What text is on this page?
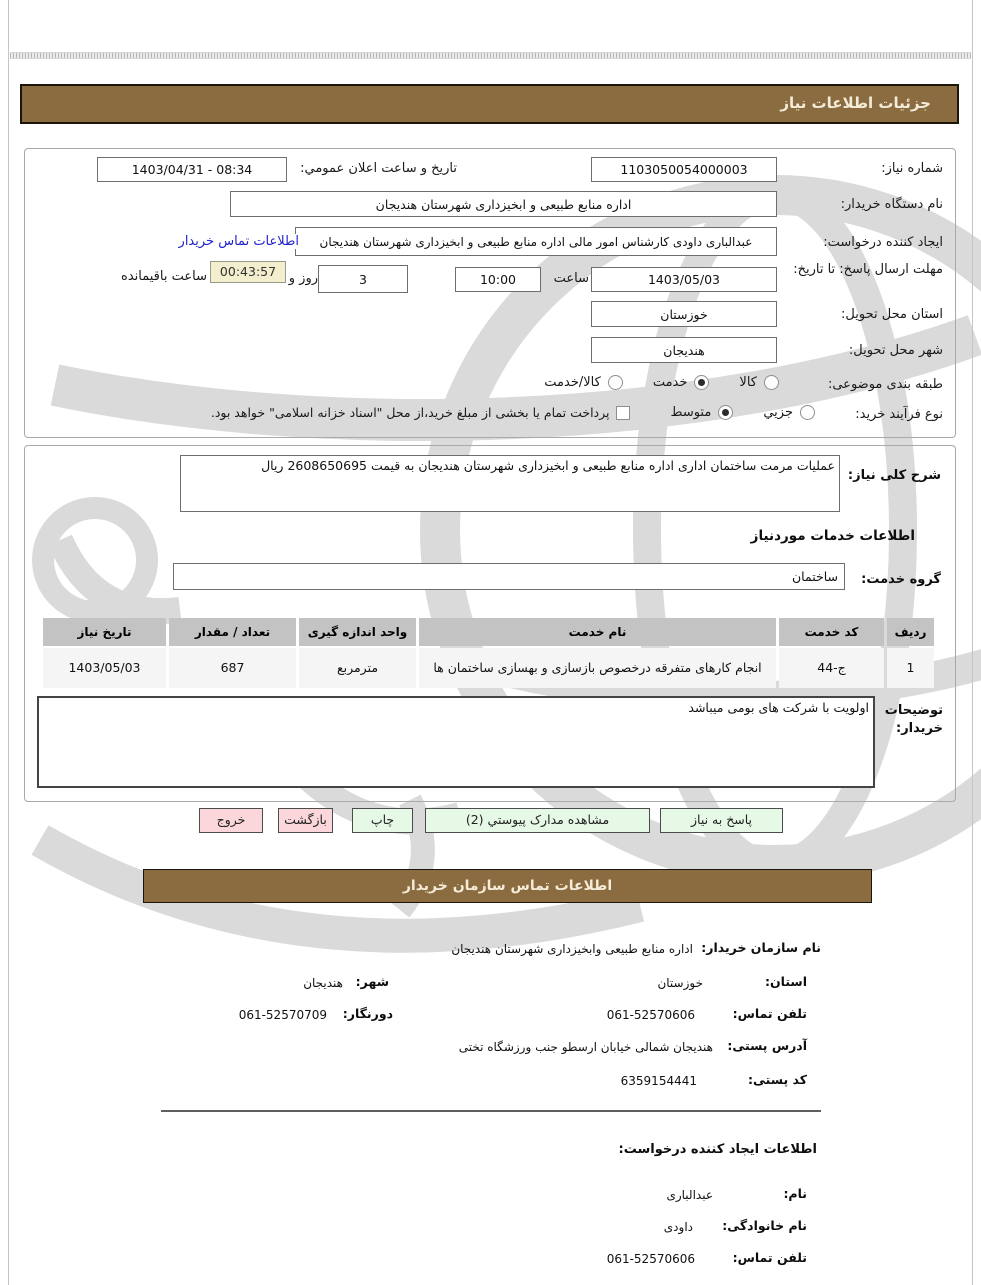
جزئیات اطلاعات نیاز
شماره نیاز:
1103050054000003
تاریخ و ساعت اعلان عمومي:
1403/04/31 - 08:34
نام دستگاه خریدار:
اداره منابع طبیعی و ابخیزداری شهرستان هندیجان
ایجاد کننده درخواست:
عبدالباری داودی کارشناس امور مالی اداره منابع طبیعی و ابخیزداری شهرستان هندیجان
اطلاعات تماس خریدار
مهلت ارسال پاسخ: تا تاریخ:
1403/05/03
ساعت
10:00
3
روز و
00:43:57
ساعت باقیمانده
استان محل تحویل:
خوزستان
شهر محل تحویل:
هندیجان
طبقه بندی موضوعی:
کالا
خدمت
کالا/خدمت
نوع فرآیند خرید:
جزیي
متوسط
پرداخت تمام یا بخشی از مبلغ خرید،از محل "اسناد خزانه اسلامی" خواهد بود.
شرح کلی نیاز:
عملیات مرمت ساختمان اداری اداره منابع طبیعی و ابخیزداری شهرستان هندیجان به قیمت 2608650695 ریال
اطلاعات خدمات موردنیاز
گروه خدمت:
ساختمان
ردیف	کد خدمت	نام خدمت	واحد اندازه گیری	تعداد / مقدار	تاریخ نیاز
1	ج-44	انجام کارهای متفرقه درخصوص بازسازی و بهسازی ساختمان ها	مترمربع	687	1403/05/03
توضیحات خریدار:
اولویت با شرکت های بومی میباشد
پاسخ به نیاز
مشاهده مدارک پیوستي (2)
چاپ
بازگشت
خروج
اطلاعات تماس سازمان خریدار
نام سازمان خریدار:
اداره منابع طبیعی وابخیزداری شهرستان هندیجان
استان:
خوزستان
شهر:
هندیجان
تلفن تماس:
061-52570606
دورنگار:
061-52570709
آدرس پستی:
هندیجان شمالی خیابان ارسطو جنب ورزشگاه تختی
کد پستی:
6359154441
اطلاعات ایجاد کننده درخواست:
نام:
عبدالباری
نام خانوادگی:
داودی
تلفن تماس:
061-52570606
